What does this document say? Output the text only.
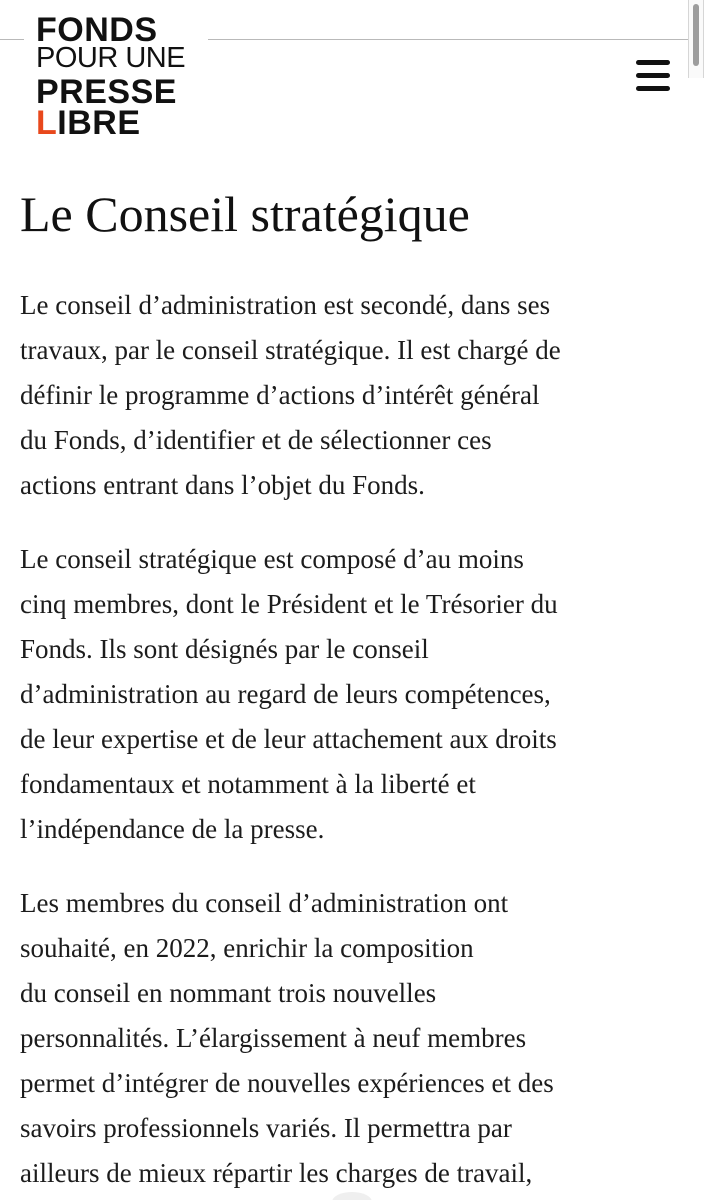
FONDS
POUR UNE
PRESSE
LIBRE
Le Conseil stratégique

Le conseil d’administration est secondé, dans ses
travaux, par le conseil stratégique. Il est chargé de
définir le programme d’actions d’intérêt général
du Fonds, d’identifier et de sélectionner ces
actions entrant dans l’objet du Fonds.

Le conseil stratégique est composé d’au moins
cinq membres, dont le Président et le Trésorier du
Fonds. Ils sont désignés par le conseil
d’administration au regard de leurs compétences,
de leur expertise et de leur attachement aux droits
fondamentaux et notamment à la liberté et
l’indépendance de la presse.

Les membres du conseil d’administration ont
souhaité, en 2022, enrichir la composition
du conseil en nommant trois nouvelles
personnalités. L’élargissement à neuf membres
permet d’intégrer de nouvelles expériences et des
savoirs professionnels variés. Il permettra par
ailleurs de mieux répartir les charges de travail,
